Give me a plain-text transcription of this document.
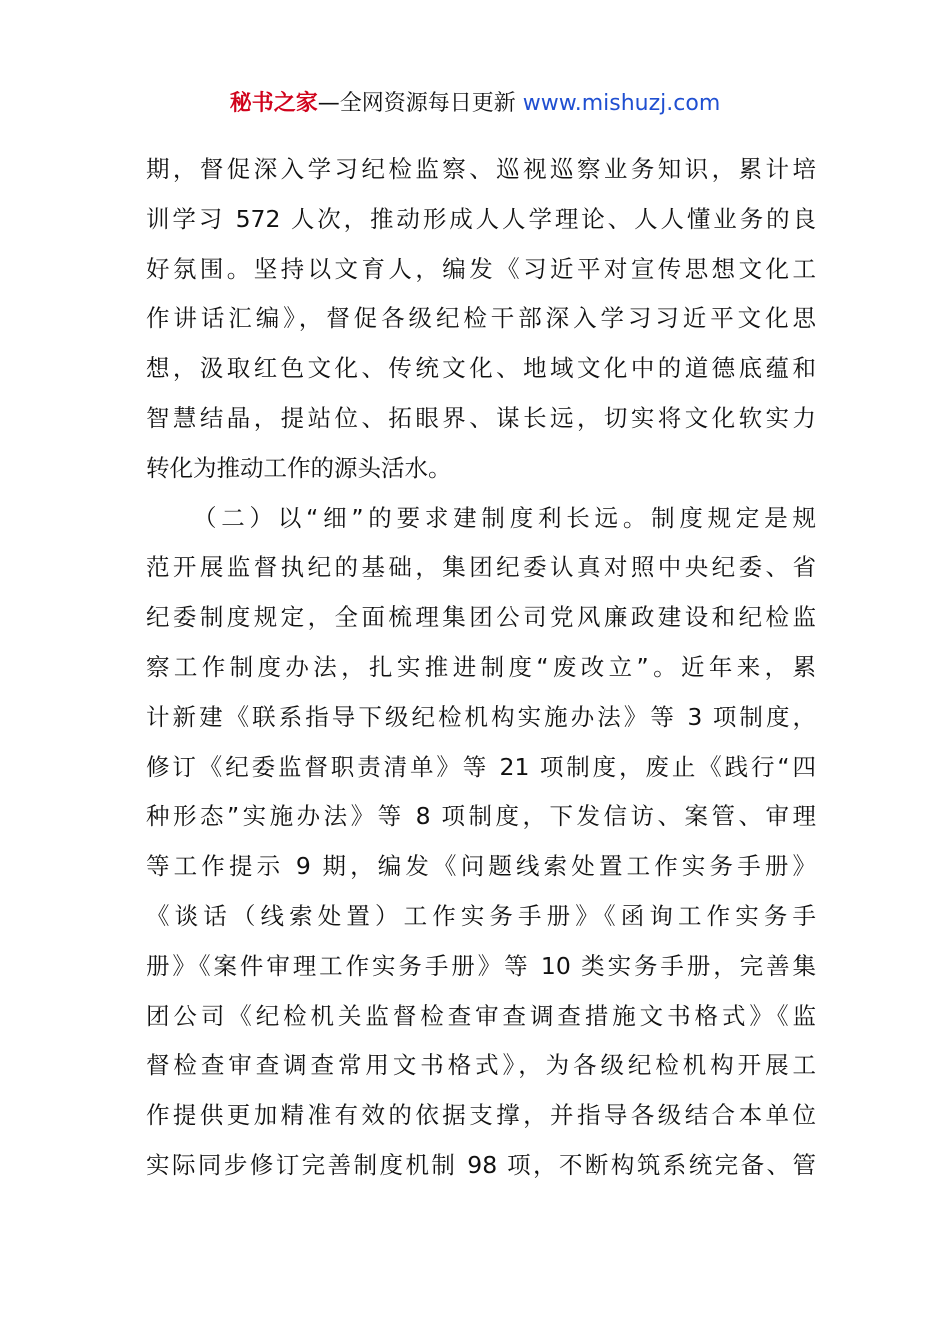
秘书之家—全网资源每日更新 www.mishuzj.com
期，督促深入学习纪检监察、巡视巡察业务知识，累计培
训学习 572 人次，推动形成人人学理论、人人懂业务的良
好氛围。坚持以文育人，编发《习近平对宣传思想文化工
作讲话汇编》，督促各级纪检干部深入学习习近平文化思
想，汲取红色文化、传统文化、地域文化中的道德底蕴和
智慧结晶，提站位、拓眼界、谋长远，切实将文化软实力
转化为推动工作的源头活水。
（二）以“细”的要求建制度利长远。制度规定是规
范开展监督执纪的基础，集团纪委认真对照中央纪委、省
纪委制度规定，全面梳理集团公司党风廉政建设和纪检监
察工作制度办法，扎实推进制度“废改立”。近年来，累
计新建《联系指导下级纪检机构实施办法》等 3 项制度，
修订《纪委监督职责清单》等 21 项制度，废止《践行“四
种形态”实施办法》等 8 项制度，下发信访、案管、审理
等工作提示 9 期，编发《问题线索处置工作实务手册》
《谈话（线索处置）工作实务手册》《函询工作实务手
册》《案件审理工作实务手册》等 10 类实务手册，完善集
团公司《纪检机关监督检查审查调查措施文书格式》《监
督检查审查调查常用文书格式》，为各级纪检机构开展工
作提供更加精准有效的依据支撑，并指导各级结合本单位
实际同步修订完善制度机制 98 项，不断构筑系统完备、管
